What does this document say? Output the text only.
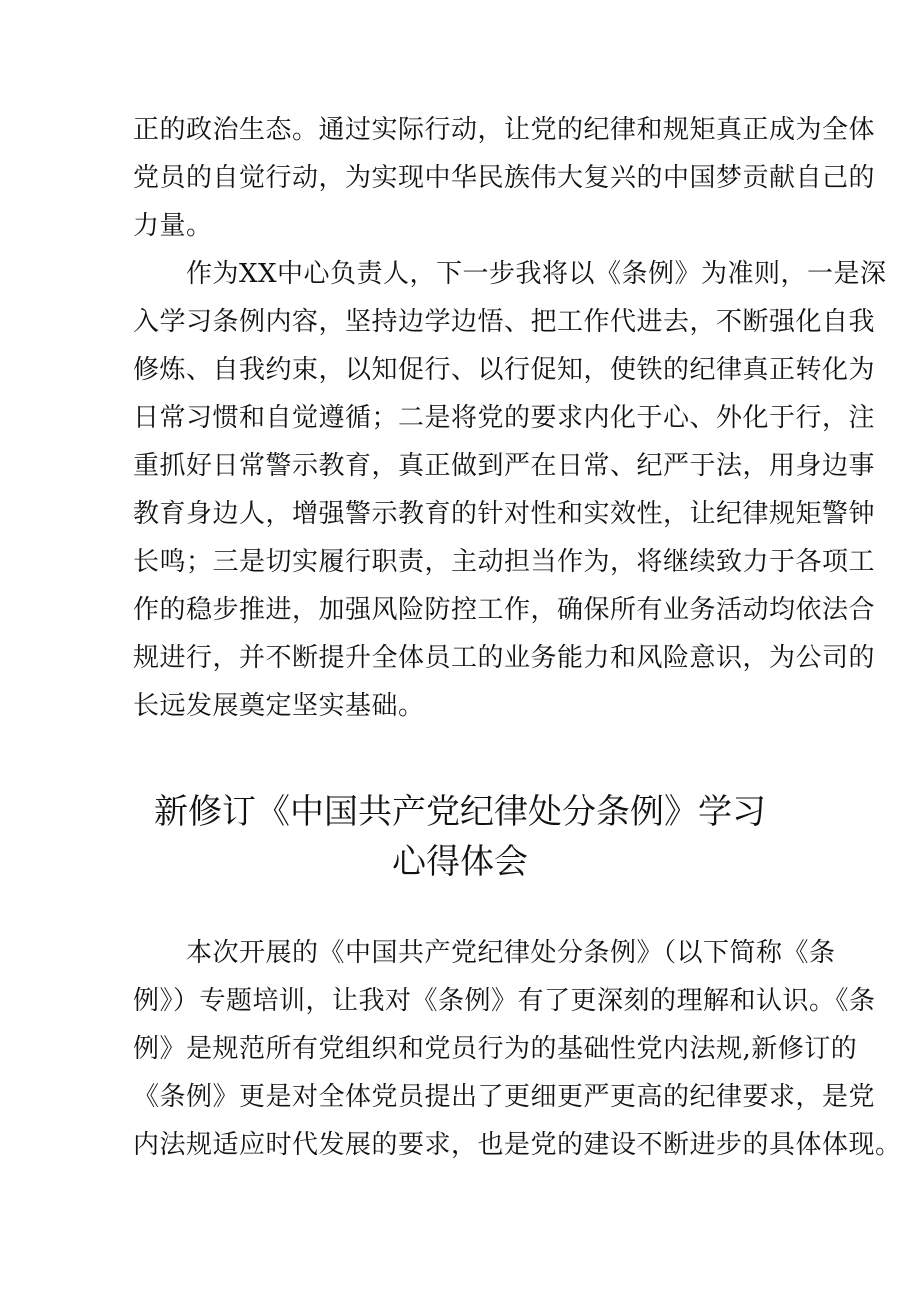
正的政治生态。通过实际行动，让党的纪律和规矩真正成为全体
党员的自觉行动，为实现中华民族伟大复兴的中国梦贡献自己的
力量。
　　作为XX中心负责人，下一步我将以《条例》为准则，一是深
入学习条例内容，坚持边学边悟、把工作代进去，不断强化自我
修炼、自我约束，以知促行、以行促知，使铁的纪律真正转化为
日常习惯和自觉遵循；二是将党的要求内化于心、外化于行，注
重抓好日常警示教育，真正做到严在日常、纪严于法，用身边事
教育身边人，增强警示教育的针对性和实效性，让纪律规矩警钟
长鸣；三是切实履行职责，主动担当作为，将继续致力于各项工
作的稳步推进，加强风险防控工作，确保所有业务活动均依法合
规进行，并不断提升全体员工的业务能力和风险意识，为公司的
长远发展奠定坚实基础。
新修订《中国共产党纪律处分条例》学习
心得体会
　　本次开展的《中国共产党纪律处分条例》（以下简称《条
例》）专题培训，让我对《条例》有了更深刻的理解和认识。《条
例》是规范所有党组织和党员行为的基础性党内法规,新修订的
《条例》更是对全体党员提出了更细更严更高的纪律要求，是党
内法规适应时代发展的要求，也是党的建设不断进步的具体体现。
